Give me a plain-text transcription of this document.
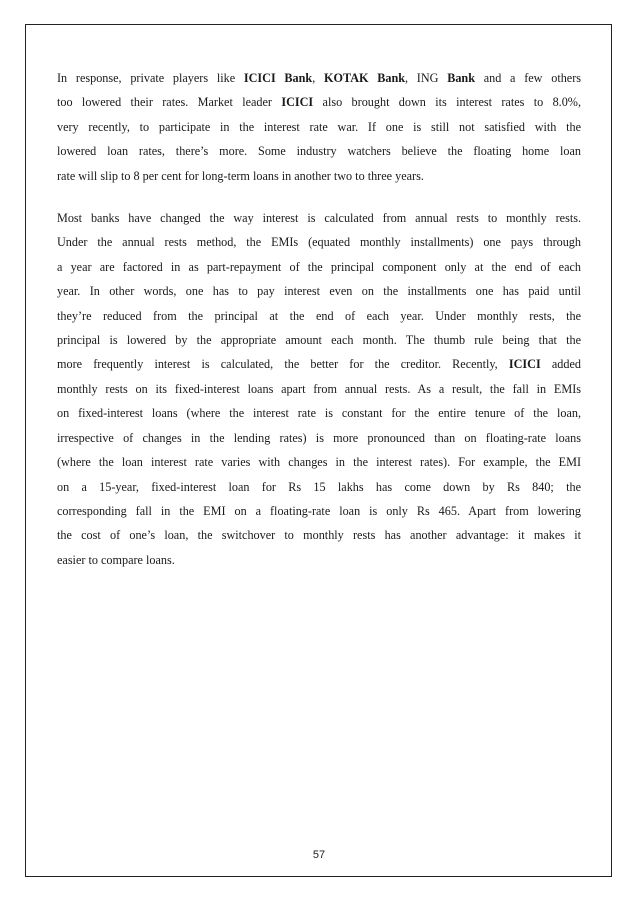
In response, private players like ICICI Bank, KOTAK Bank, ING Bank and a few others
too lowered their rates. Market leader ICICI also brought down its interest rates to 8.0%,
very recently, to participate in the interest rate war. If one is still not satisfied with the
lowered loan rates, there’s more. Some industry watchers believe the floating home loan
rate will slip to 8 per cent for long-term loans in another two to three years.

Most banks have changed the way interest is calculated from annual rests to monthly rests.
Under the annual rests method, the EMIs (equated monthly installments) one pays through
a year are factored in as part-repayment of the principal component only at the end of each
year. In other words, one has to pay interest even on the installments one has paid until
they’re reduced from the principal at the end of each year. Under monthly rests, the
principal is lowered by the appropriate amount each month. The thumb rule being that the
more frequently interest is calculated, the better for the creditor. Recently, ICICI added
monthly rests on its fixed-interest loans apart from annual rests. As a result, the fall in EMIs
on fixed-interest loans (where the interest rate is constant for the entire tenure of the loan,
irrespective of changes in the lending rates) is more pronounced than on floating-rate loans
(where the loan interest rate varies with changes in the interest rates). For example, the EMI
on a 15-year, fixed-interest loan for Rs 15 lakhs has come down by Rs 840; the
corresponding fall in the EMI on a floating-rate loan is only Rs 465. Apart from lowering
the cost of one’s loan, the switchover to monthly rests has another advantage: it makes it
easier to compare loans.

57
